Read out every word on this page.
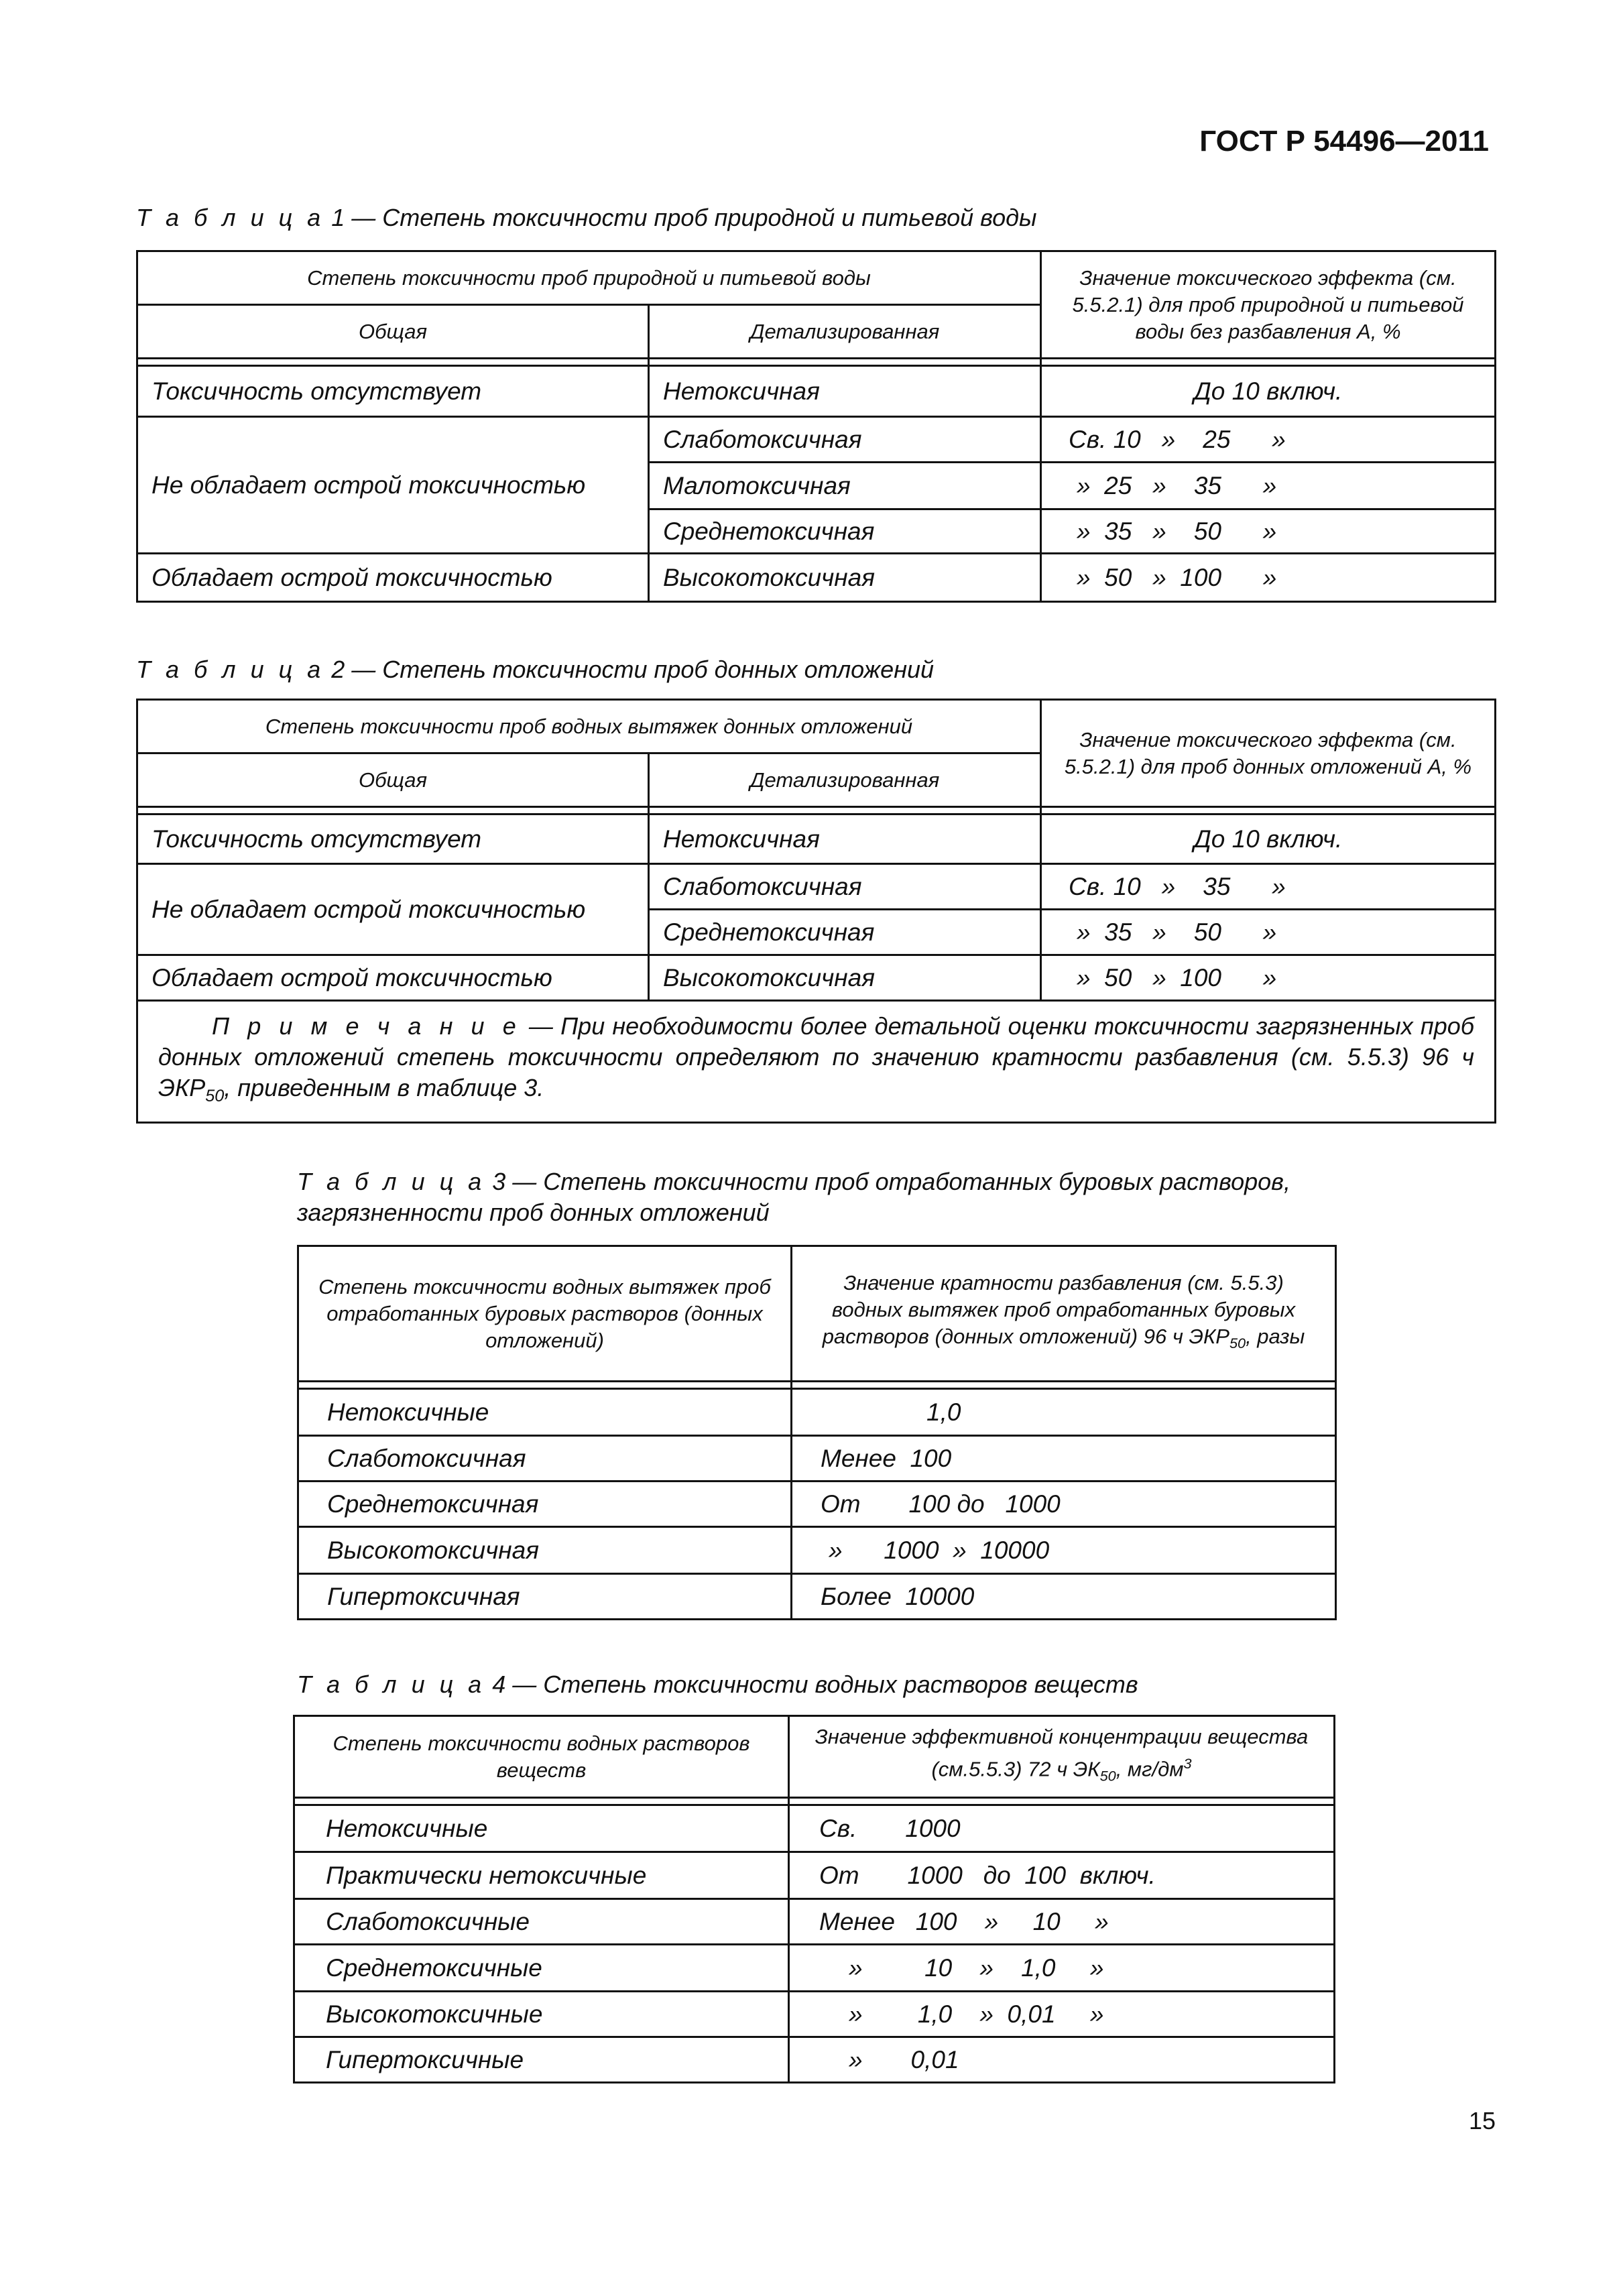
ГОСТ Р 54496—2011
Т а б л и ц а 1 — Степень токсичности проб природной и питьевой воды
Степень токсичности проб природной и питьевой воды		Значение токсического эффекта (см. 5.5.2.1) для проб природной и питьевой воды без разбавления А, %
Общая	Детализированная	

Токсичность отсутствует	Нетоксичная	До 10 включ.
Не обладает острой токсичностью	Слаботоксичная	Св. 10   »    25      »
	Малотоксичная	»  25   »    35      »
	Среднетоксичная	»  35   »    50      »
Обладает острой токсичностью	Высокотоксичная	»  50   »  100      »
Т а б л и ц а 2 — Степень токсичности проб донных отложений
Степень токсичности проб водных вытяжек донных отложений		Значение токсического эффекта (см. 5.5.2.1) для проб донных отложений А, %
Общая	Детализированная	

Токсичность отсутствует	Нетоксичная	До 10 включ.
Не обладает острой токсичностью	Слаботоксичная	Св. 10   »    35      »
	Среднетоксичная	»  35   »    50      »
Обладает острой токсичностью	Высокотоксичная	»  50   »  100      »
П р и м е ч а н и е — При необходимости более детальной оценки токсичности загрязненных проб донных отложений степень токсичности определяют по значению кратности разбавления (см. 5.5.3) 96 ч $ЭКР_{50}$, приведенным в таблице 3.		
Т а б л и ц а 3 — Степень токсичности проб отработанных буровых растворов, загрязненности проб донных отложений
Степень токсичности водных вытяжек проб отработанных буровых растворов (донных отложений)	Значение кратности разбавления (см. 5.5.3) водных вытяжек проб отработанных буровых растворов (донных отложений) 96 ч $ЭКР_{50}$, разы

Нетоксичные	1,0
Слаботоксичная	Менее  100
Среднетоксичная	От       100 до   1000
Высокотоксичная	»      1000  »  10000
Гипертоксичная	Более  10000
Т а б л и ц а 4 — Степень токсичности водных растворов веществ
Степень токсичности водных растворов веществ	Значение эффективной концентрации вещества (см.5.5.3) 72 ч $ЭК_{50}$, $мг/дм^3$

Нетоксичные	Св.       1000
Практически нетоксичные	От       1000   до  100  включ.
Слаботоксичные	Менее   100    »     10     »
Среднетоксичные	»         10    »    1,0     »
Высокотоксичные	»        1,0    »  0,01     »
Гипертоксичные	»       0,01
15
